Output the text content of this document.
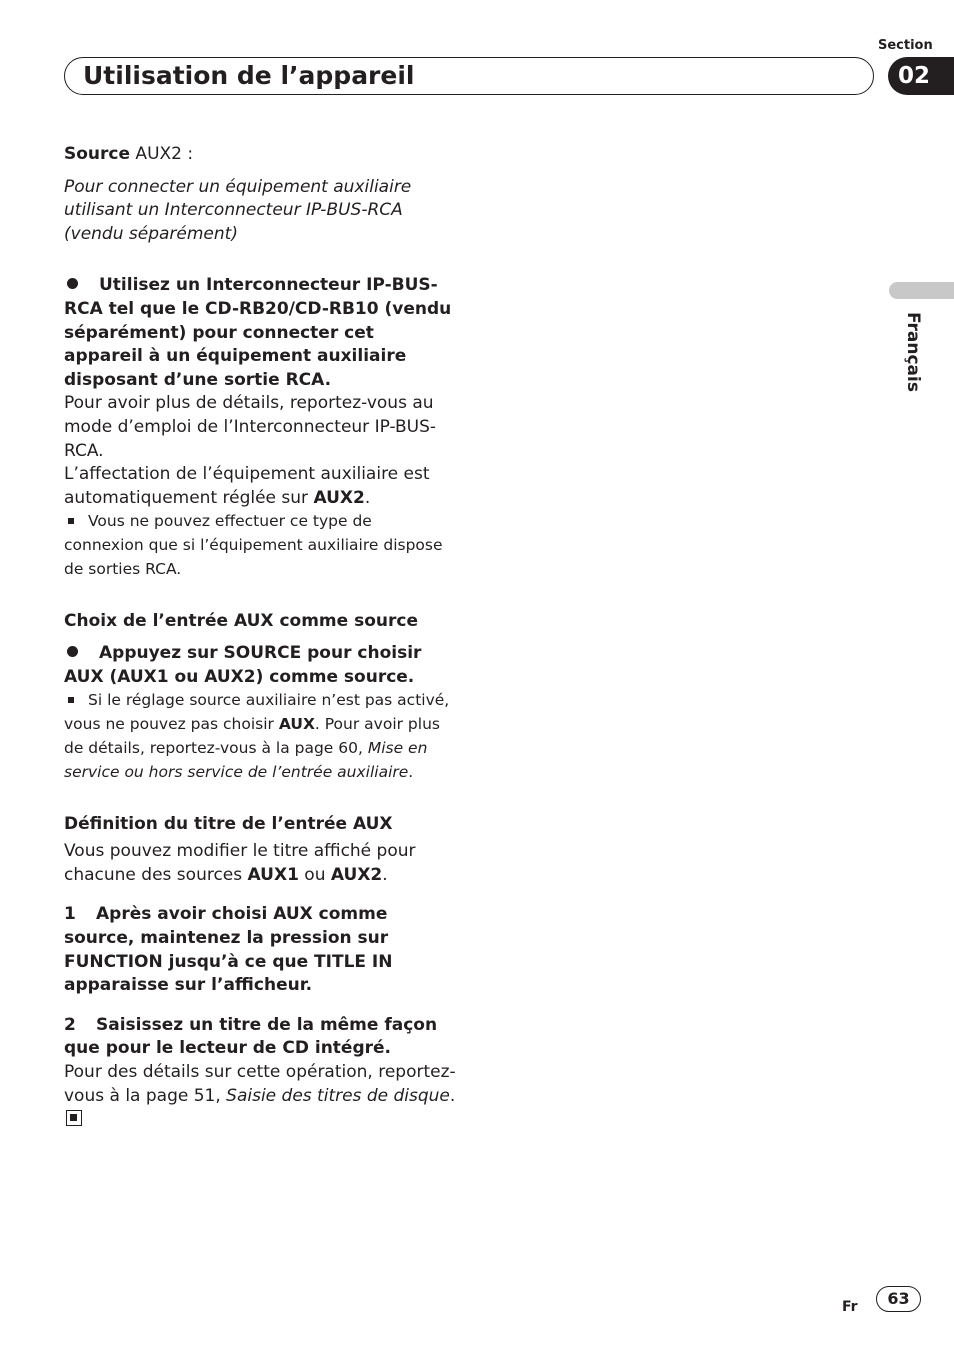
Section
Utilisation de l’appareil	02
Français

Source AUX2 :

Pour connecter un équipement auxiliaire utilisant un Interconnecteur IP-BUS-RCA (vendu séparément)

Utilisez un Interconnecteur IP-BUS-RCA tel que le CD-RB20/CD-RB10 (vendu séparément) pour connecter cet appareil à un équipement auxiliaire disposant d’une sortie RCA.

Pour avoir plus de détails, reportez-vous au mode d’emploi de l’Interconnecteur IP-BUS-RCA.

L’affectation de l’équipement auxiliaire est automatiquement réglée sur AUX2.

Vous ne pouvez effectuer ce type de connexion que si l’équipement auxiliaire dispose de sorties RCA.

Choix de l’entrée AUX comme source

Appuyez sur SOURCE pour choisir AUX (AUX1 ou AUX2) comme source.

Si le réglage source auxiliaire n’est pas activé, vous ne pouvez pas choisir AUX. Pour avoir plus de détails, reportez-vous à la page 60, Mise en service ou hors service de l’entrée auxiliaire.

Définition du titre de l’entrée AUX

Vous pouvez modifier le titre affiché pour chacune des sources AUX1 ou AUX2.

1 Après avoir choisi AUX comme source, maintenez la pression sur FUNCTION jusqu’à ce que TITLE IN apparaisse sur l’afficheur.

2 Saisissez un titre de la même façon que pour le lecteur de CD intégré.

Pour des détails sur cette opération, reportez-vous à la page 51, Saisie des titres de disque.

Fr	63
